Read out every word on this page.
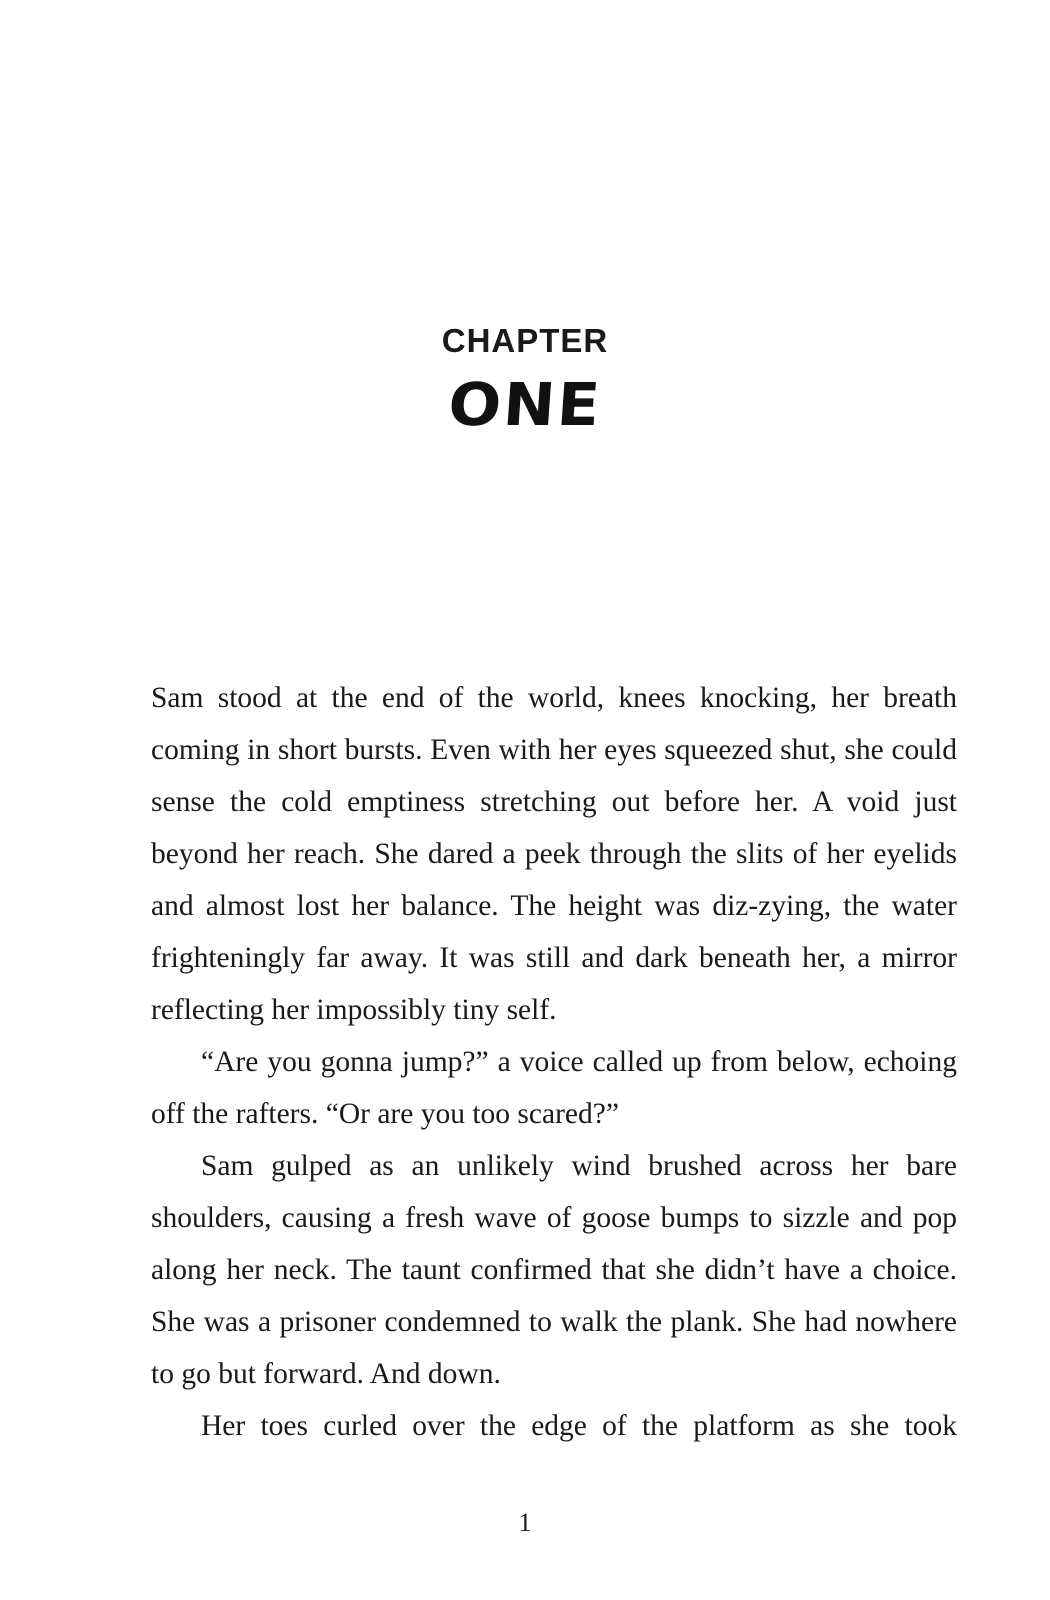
CHAPTER
ONE

Sam stood at the end of the world, knees knocking, her breath coming in short bursts. Even with her eyes squeezed shut, she could sense the cold emptiness stretching out before her. A void just beyond her reach. She dared a peek through the slits of her eyelids and almost lost her balance. The height was diz-zying, the water frighteningly far away. It was still and dark beneath her, a mirror reflecting her impossibly tiny self.

“Are you gonna jump?” a voice called up from below, echoing off the rafters. “Or are you too scared?”

Sam gulped as an unlikely wind brushed across her bare shoulders, causing a fresh wave of goose bumps to sizzle and pop along her neck. The taunt confirmed that she didn’t have a choice. She was a prisoner condemned to walk the plank. She had nowhere to go but forward. And down.

Her toes curled over the edge of the platform as she took

1
